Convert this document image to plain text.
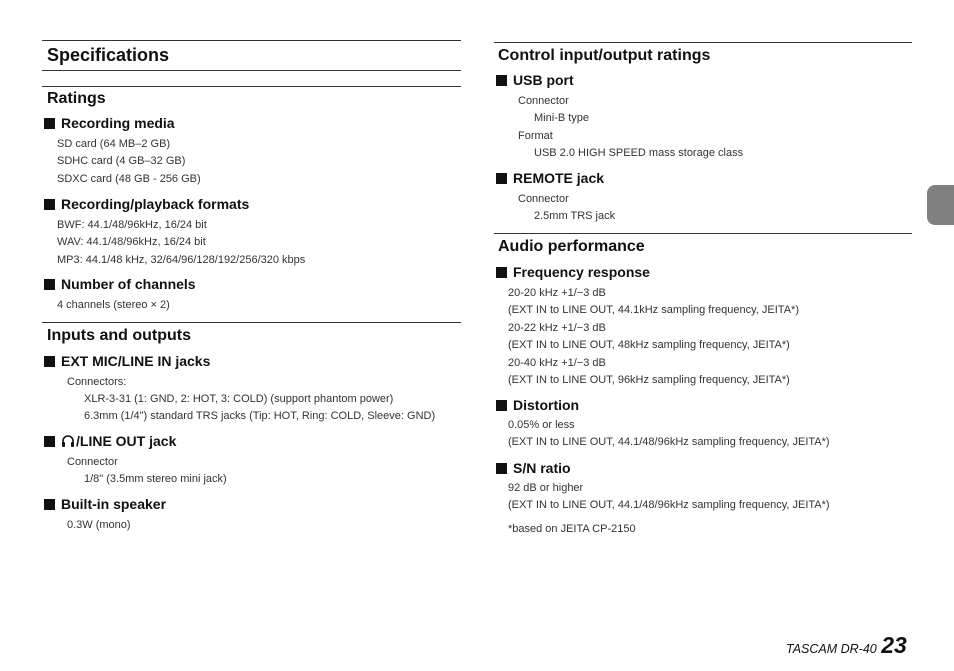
Specifications
Ratings
Recording media
SD card (64 MB–2 GB)
SDHC card (4 GB–32 GB)
SDXC card (48 GB - 256 GB)
Recording/playback formats
BWF: 44.1/48/96kHz, 16/24 bit
WAV: 44.1/48/96kHz, 16/24 bit
MP3: 44.1/48 kHz, 32/64/96/128/192/256/320 kbps
Number of channels
4 channels (stereo × 2)
Inputs and outputs
EXT MIC/LINE IN jacks
Connectors:
XLR-3-31 (1: GND, 2: HOT, 3: COLD) (support phantom power)
6.3mm (1/4") standard TRS jacks (Tip: HOT, Ring: COLD, Sleeve: GND)
/LINE OUT jack
Connector
1/8" (3.5mm stereo mini jack)
Built-in speaker
0.3W (mono)
Control input/output ratings
USB port
Connector
Mini-B type
Format
USB 2.0 HIGH SPEED mass storage class
REMOTE jack
Connector
2.5mm TRS jack
Audio performance
Frequency response
20-20 kHz +1/−3 dB
(EXT IN to LINE OUT, 44.1kHz sampling frequency, JEITA*)
20-22 kHz +1/−3 dB
(EXT IN to LINE OUT, 48kHz sampling frequency, JEITA*)
20-40 kHz +1/−3 dB
(EXT IN to LINE OUT, 96kHz sampling frequency, JEITA*)
Distortion
0.05% or less
(EXT IN to LINE OUT, 44.1/48/96kHz sampling frequency, JEITA*)
S/N ratio
92 dB or higher
(EXT IN to LINE OUT, 44.1/48/96kHz sampling frequency, JEITA*)
*based on JEITA CP-2150
TASCAM DR-40 23
